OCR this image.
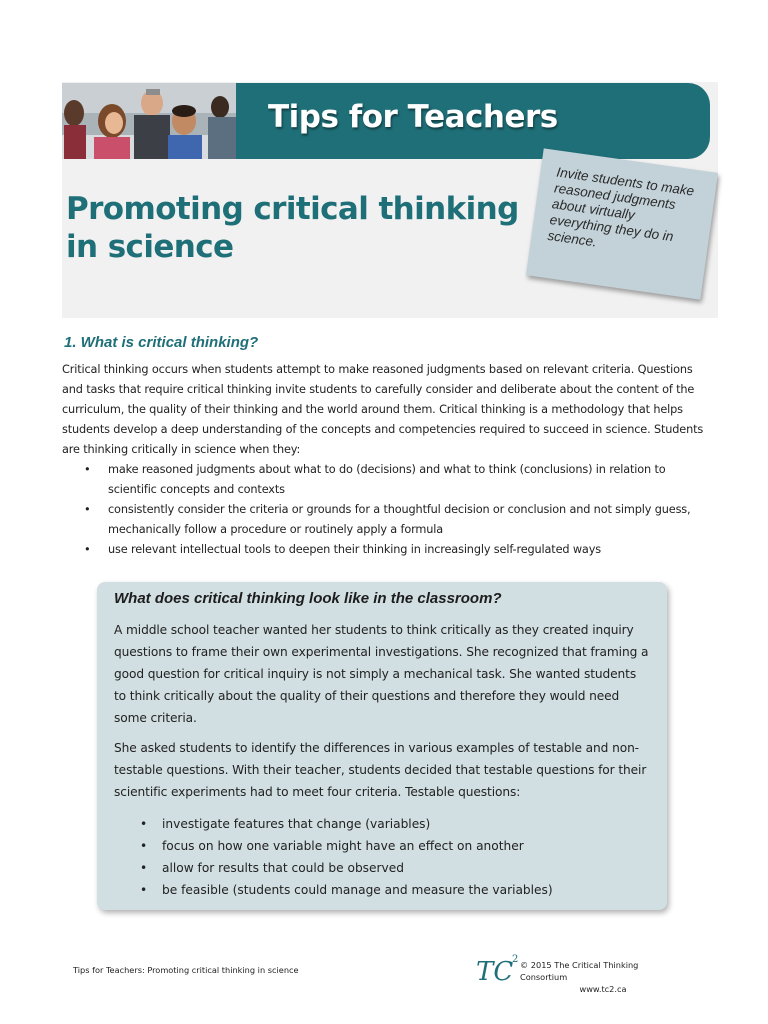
Tips for Teachers
Promoting critical thinking
in science
Invite students to make reasoned judgments about virtually everything they do in science.
1. What is critical thinking?

Critical thinking occurs when students attempt to make reasoned judgments based on relevant criteria. Questions and tasks that require critical thinking invite students to carefully consider and deliberate about the content of the curriculum, the quality of their thinking and the world around them. Critical thinking is a methodology that helps students develop a deep understanding of the concepts and competencies required to succeed in science. Students are thinking critically in science when they:

• make reasoned judgments about what to do (decisions) and what to think (conclusions) in relation to scientific concepts and contexts
• consistently consider the criteria or grounds for a thoughtful decision or conclusion and not simply guess, mechanically follow a procedure or routinely apply a formula
• use relevant intellectual tools to deepen their thinking in increasingly self-regulated ways
What does critical thinking look like in the classroom?

A middle school teacher wanted her students to think critically as they created inquiry questions to frame their own experimental investigations. She recognized that framing a good question for critical inquiry is not simply a mechanical task. She wanted students to think critically about the quality of their questions and therefore they would need some criteria.

She asked students to identify the differences in various examples of testable and non-testable questions. With their teacher, students decided that testable questions for their scientific experiments had to meet four criteria. Testable questions:

• investigate features that change (variables)
• focus on how one variable might have an effect on another
• allow for results that could be observed
• be feasible (students could manage and measure the variables)
Tips for Teachers: Promoting critical thinking in science	TC
2 © 2015 The Critical Thinking Consortium
www.tc2.ca
